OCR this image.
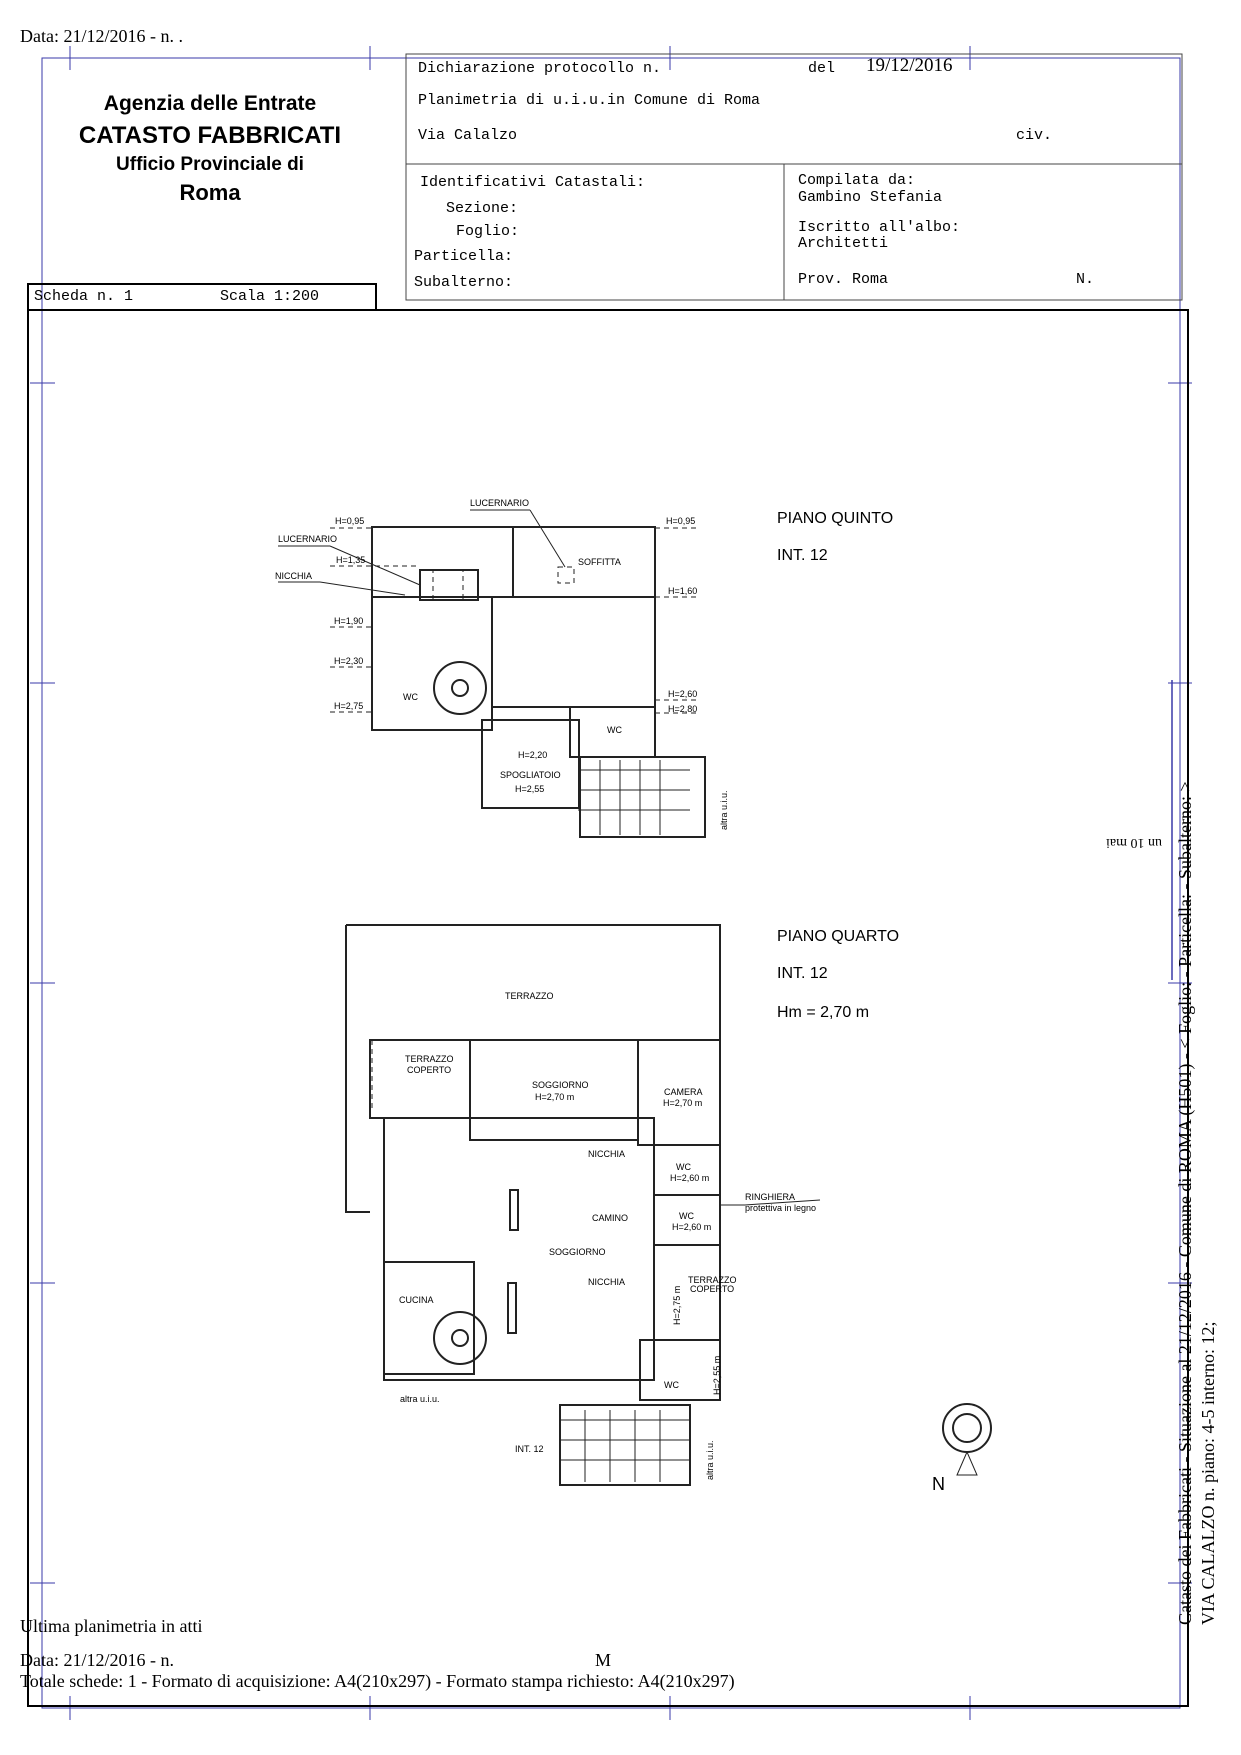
Data: 21/12/2016 - n. .
Agenzia delle Entrate
CATASTO FABBRICATI
Ufficio Provinciale di
Roma
Scheda n. 1	Scala 1:200
Dichiarazione protocollo n.	del 19/12/2016
Planimetria di u.i.u.in Comune di Roma
Via Calalzo	civ.
Identificativi Catastali:
Sezione:
Foglio:
Particella:
Subalterno:
Compilata da:
Gambino Stefania
Iscritto all'albo:
Architetti
Prov. Roma	N.
PIANO QUINTO
INT. 12
PIANO QUARTO
INT. 12
Hm = 2,70 m
LUCERNARIO
LUCERNARIO
NICCHIA
SOFFITTA
H=0,95	H=0,95
H=1,35
H=1,60
H=1,90
H=2,30
H=2,60
H=2,75	H=2,80
WC
WC
H=2,20
SPOGLIATOIO
H=2,55
altra u.i.u.
TERRAZZO
TERRAZZO
COPERTO
SOGGIORNO
H=2,70 m	CAMERA
H=2,70 m
NICCHIA
WC
H=2,60 m
RINGHIERA
protettiva in legno
CAMINO	WC
H=2,60 m
SOGGIORNO
NICCHIA
CUCINA	H=2,75 m
TERRAZZO
COPERTO
H=2,55 m
WC
altra u.i.u.
altra u.i.u.
INT. 12
N	Catasto dei Fabbricati - Situazione al 21/12/2016 - Comune di ROMA (H501) - < Foglio: - Particella: - Subalterno: > VIA CALALZO n. piano: 4-5 interno: 12;
un 10 mai
Ultima planimetria in atti
Data: 21/12/2016 - n.	M
Totale schede: 1 - Formato di acquisizione: A4(210x297) - Formato stampa richiesto: A4(210x297)
